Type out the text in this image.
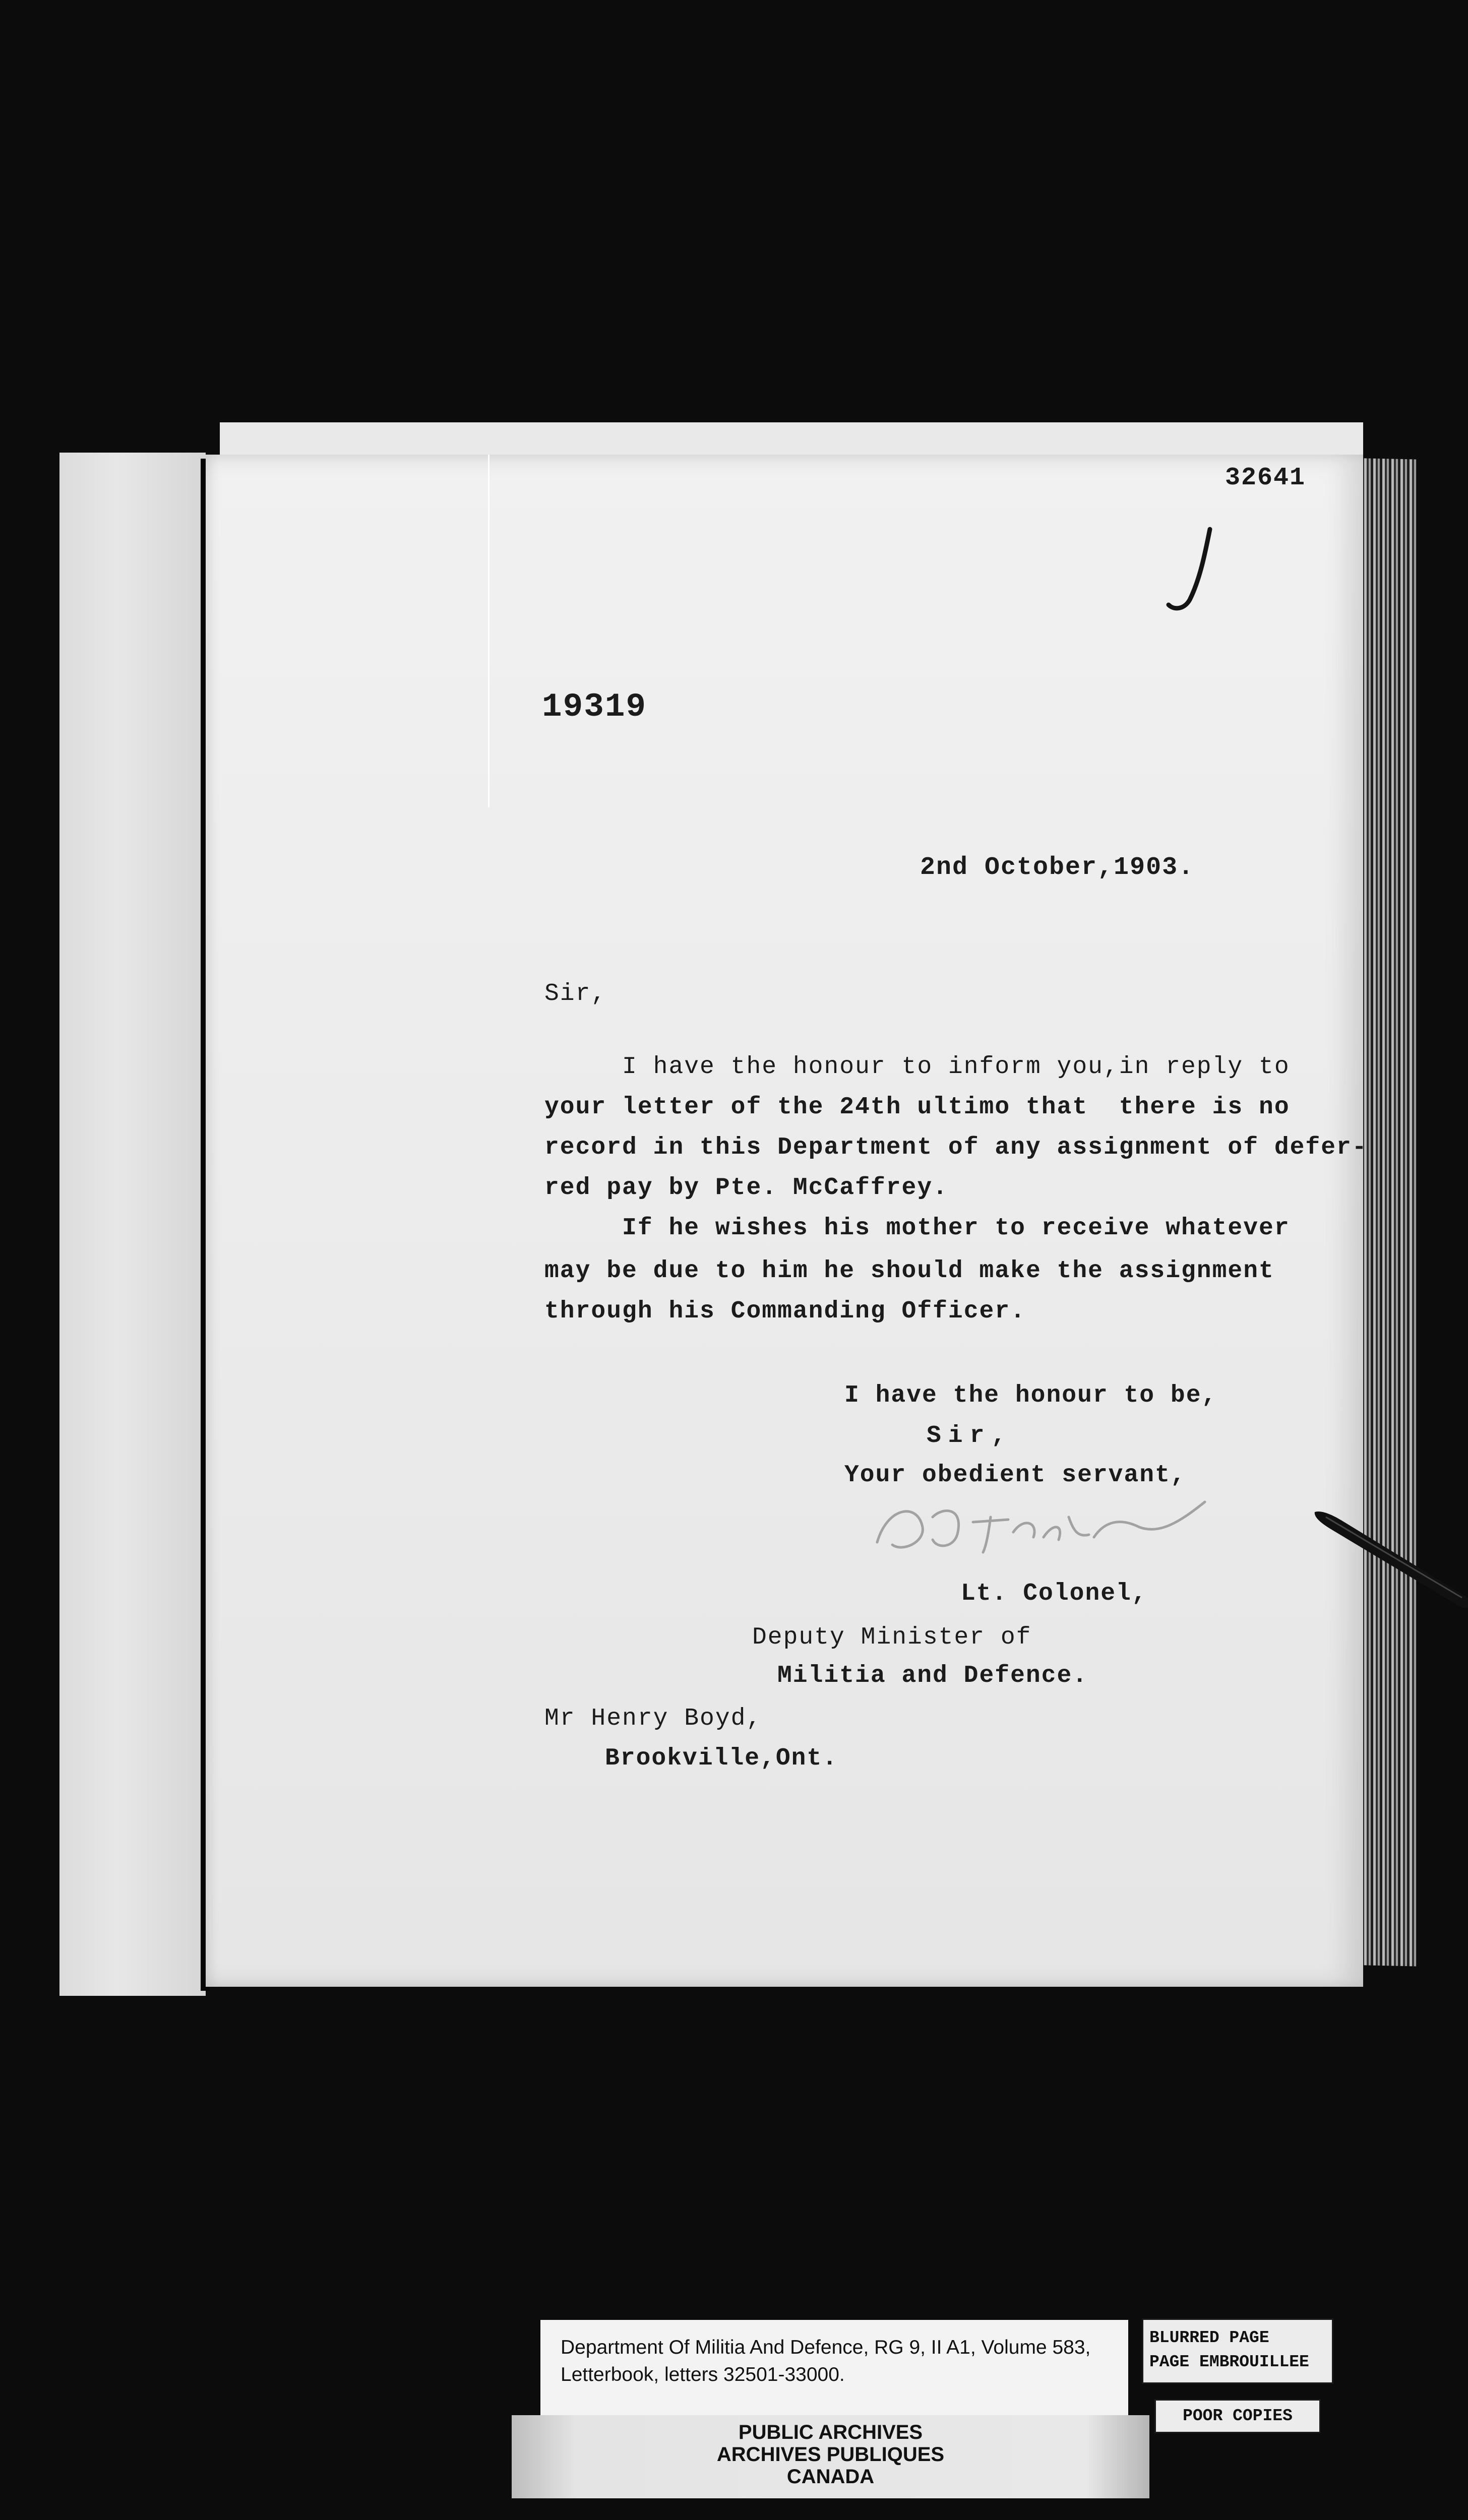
32641
19319
2nd October,1903.
Sir,
I have the honour to inform you,in reply to
your letter of the 24th ultimo that  there is no
record in this Department of any assignment of defer-
red pay by Pte. McCaffrey.
If he wishes his mother to receive whatever
may be due to him he should make the assignment
through his Commanding Officer.
I have the honour to be,
Sir,
Your obedient servant,
Lt. Colonel,
Deputy Minister of
Militia and Defence.
Mr Henry Boyd,
Brookville,Ont.
Department Of Militia And Defence, RG 9, II A1, Volume 583,
Letterbook, letters 32501-33000.
BLURRED PAGE
PAGE EMBROUILLEE
POOR COPIES
PUBLIC ARCHIVES
ARCHIVES PUBLIQUES
CANADA
